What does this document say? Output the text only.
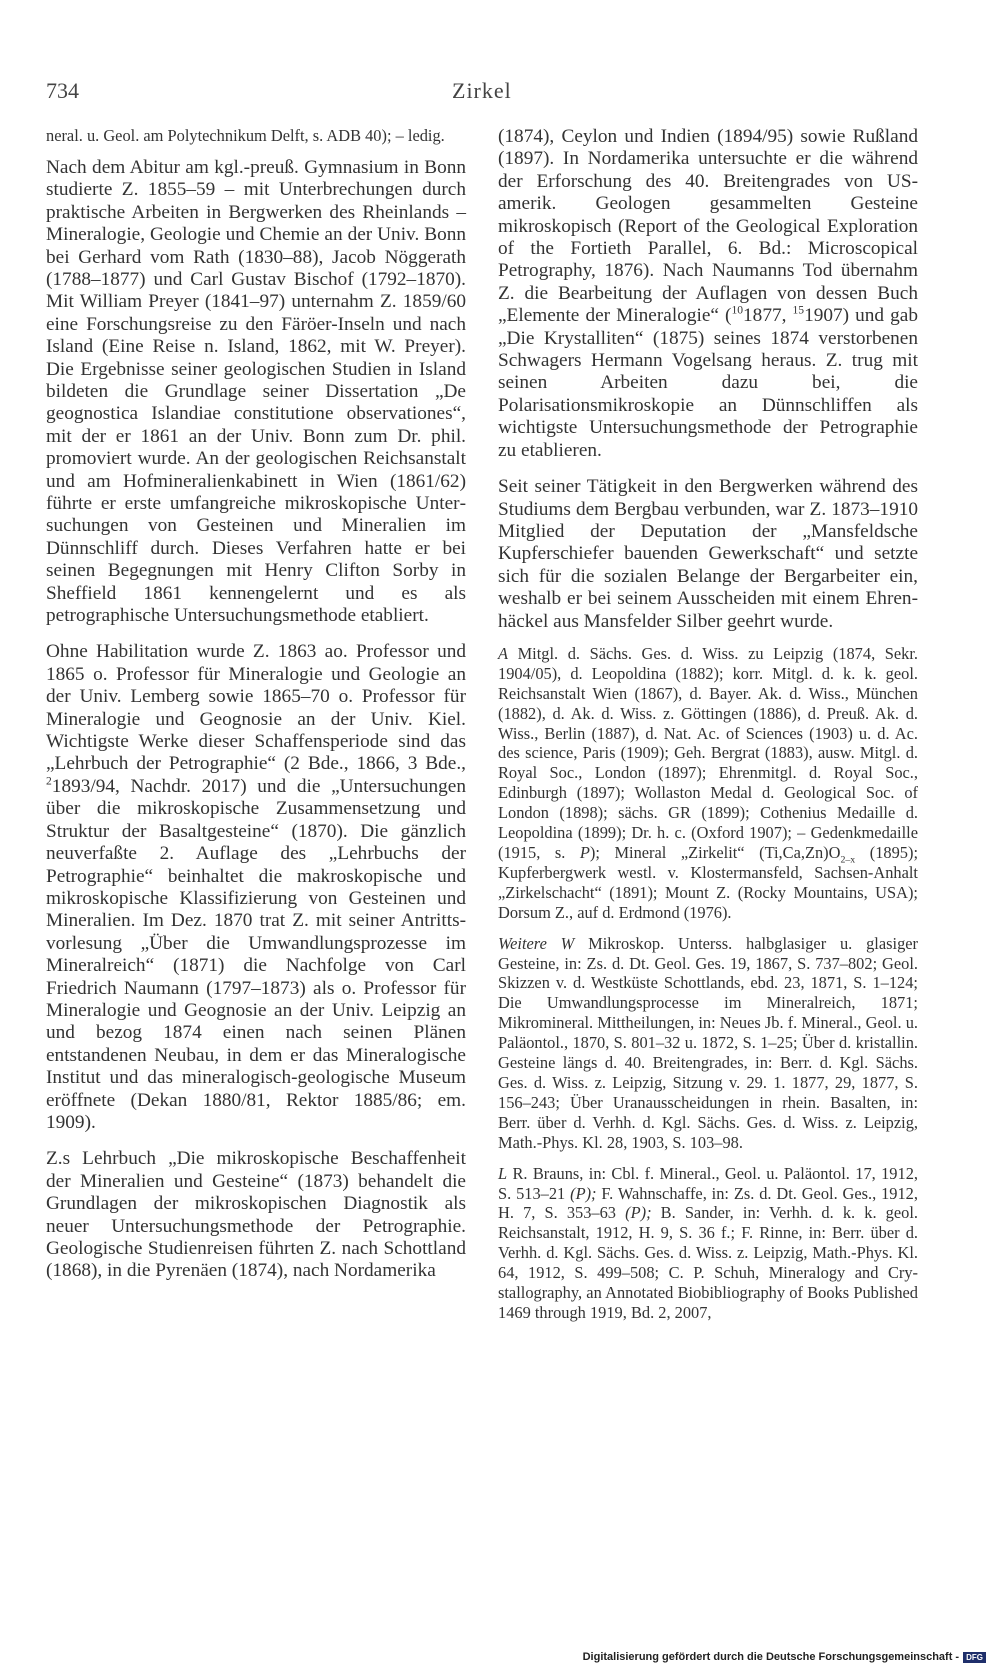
734	Zirkel

neral. u. Geol. am Polytechnikum Delft, s. ADB 40); – ledig.

Nach dem Abitur am kgl.-preuß. Gymnasium in Bonn studierte Z. 1855–59 – mit Unterbrechungen durch praktische Arbeiten in Bergwerken des Rheinlands – Mineralogie, Geologie und Chemie an der Univ. Bonn bei Gerhard vom Rath (1830–88), Jacob Nöggerath (1788–1877) und Carl Gustav Bischof (1792–1870). Mit William Preyer (1841–97) unternahm Z. 1859/60 eine Forschungsreise zu den Färöer-Inseln und nach Island (Eine Reise n. Island, 1862, mit W. Preyer). Die Ergebnisse seiner geologischen Studien in Island bildeten die Grundlage seiner Dissertation „De geognostica Islandiae constitutione observationes“, mit der er 1861 an der Univ. Bonn zum Dr. phil. promoviert wurde. An der geologischen Reichsanstalt und am Hofmineralienkabinett in Wien (1861/62) führte er erste umfangreiche mikroskopische Untersuchungen von Gesteinen und Mineralien im Dünnschliff durch. Dieses Verfahren hatte er bei seinen Begegnungen mit Henry Clifton Sorby in Sheffield 1861 kennengelernt und es als petrographische Untersuchungsmethode etabliert.

Ohne Habilitation wurde Z. 1863 ao. Professor und 1865 o. Professor für Mineralogie und Geologie an der Univ. Lemberg sowie 1865–70 o. Professor für Mineralogie und Geognosie an der Univ. Kiel. Wichtigste Werke dieser Schaffensperiode sind das „Lehrbuch der Petrographie“ (2 Bde., 1866, 3 Bde., $^2$1893/94, Nachdr. 2017) und die „Untersuchungen über die mikroskopische Zusammensetzung und Struktur der Basaltgesteine“ (1870). Die gänzlich neuverfaßte 2. Auflage des „Lehrbuchs der Petrographie“ beinhaltet die makroskopische und mikroskopische Klassifizierung von Gesteinen und Mineralien. Im Dez. 1870 trat Z. mit seiner Antrittsvorlesung „Über die Umwandlungsprozesse im Mineralreich“ (1871) die Nachfolge von Carl Friedrich Naumann (1797–1873) als o. Professor für Mineralogie und Geognosie an der Univ. Leipzig an und bezog 1874 einen nach seinen Plänen entstandenen Neubau, in dem er das Mineralogische Institut und das mineralogisch-geologische Museum eröffnete (Dekan 1880/81, Rektor 1885/86; em. 1909).

Z.s Lehrbuch „Die mikroskopische Beschaffenheit der Mineralien und Gesteine“ (1873) behandelt die Grundlagen der mikroskopischen Diagnostik als neuer Untersuchungsmethode der Petrographie. Geologische Studienreisen führten Z. nach Schottland (1868), in die Pyrenäen (1874), nach Nordamerika

(1874), Ceylon und Indien (1894/95) sowie Rußland (1897). In Nordamerika untersuchte er die während der Erforschung des 40. Breitengrades von US-amerik. Geologen gesammelten Gesteine mikroskopisch (Report of the Geological Exploration of the Fortieth Parallel, 6. Bd.: Microscopical Petrography, 1876). Nach Naumanns Tod übernahm Z. die Bearbeitung der Auflagen von dessen Buch „Elemente der Mineralogie“ ($^{10}$1877, $^{15}$1907) und gab „Die Krystalliten“ (1875) seines 1874 verstorbenen Schwagers Hermann Vogelsang heraus. Z. trug mit seinen Arbeiten dazu bei, die Polarisationsmikroskopie an Dünnschliffen als wichtigste Untersuchungsmethode der Petrographie zu etablieren.

Seit seiner Tätigkeit in den Bergwerken während des Studiums dem Bergbau verbunden, war Z. 1873–1910 Mitglied der Deputation der „Mansfeldsche Kupferschiefer bauenden Gewerkschaft“ und setzte sich für die sozialen Belange der Bergarbeiter ein, weshalb er bei seinem Ausscheiden mit einem Ehrenhäckel aus Mansfelder Silber geehrt wurde.

A Mitgl. d. Sächs. Ges. d. Wiss. zu Leipzig (1874, Sekr. 1904/05), d. Leopoldina (1882); korr. Mitgl. d. k. k. geol. Reichsanstalt Wien (1867), d. Bayer. Ak. d. Wiss., München (1882), d. Ak. d. Wiss. z. Göttingen (1886), d. Preuß. Ak. d. Wiss., Berlin (1887), d. Nat. Ac. of Sciences (1903) u. d. Ac. des science, Paris (1909); Geh. Bergrat (1883), ausw. Mitgl. d. Royal Soc., London (1897); Ehrenmitgl. d. Royal Soc., Edinburgh (1897); Wollaston Medal d. Geological Soc. of London (1898); sächs. GR (1899); Cothenius Medaille d. Leopoldina (1899); Dr. h. c. (Oxford 1907); – Gedenkmedaille (1915, s. P); Mineral „Zirkelit“ $(Ti,Ca,Zn)O_{2-x}$ (1895); Kupferbergwerk westl. v. Klostermansfeld, Sachsen-Anhalt „Zirkelschacht“ (1891); Mount Z. (Rocky Mountains, USA); Dorsum Z., auf d. Erdmond (1976).

Weitere W Mikroskop. Unterss. halbglasiger u. glasiger Gesteine, in: Zs. d. Dt. Geol. Ges. 19, 1867, S. 737–802; Geol. Skizzen v. d. Westküste Schottlands, ebd. 23, 1871, S. 1–124; Die Umwandlungsprocesse im Mineralreich, 1871; Mikromineral. Mittheilungen, in: Neues Jb. f. Mineral., Geol. u. Paläontol., 1870, S. 801–32 u. 1872, S. 1–25; Über d. kristallin. Gesteine längs d. 40. Breitengrades, in: Berr. d. Kgl. Sächs. Ges. d. Wiss. z. Leipzig, Sitzung v. 29. 1. 1877, 29, 1877, S. 156–243; Über Uranausscheidungen in rhein. Basalten, in: Berr. über d. Verhh. d. Kgl. Sächs. Ges. d. Wiss. z. Leipzig, Math.-Phys. Kl. 28, 1903, S. 103–98.

L R. Brauns, in: Cbl. f. Mineral., Geol. u. Paläontol. 17, 1912, S. 513–21 (P); F. Wahnschaffe, in: Zs. d. Dt. Geol. Ges., 1912, H. 7, S. 353–63 (P); B. Sander, in: Verhh. d. k. k. geol. Reichsanstalt, 1912, H. 9, S. 36 f.; F. Rinne, in: Berr. über d. Verhh. d. Kgl. Sächs. Ges. d. Wiss. z. Leipzig, Math.-Phys. Kl. 64, 1912, S. 499–508; C. P. Schuh, Mineralogy and Crystallography, an Annotated Biobibliography of Books Published 1469 through 1919, Bd. 2, 2007,

Digitalisierung gefördert durch die Deutsche Forschungsgemeinschaft - DFG
